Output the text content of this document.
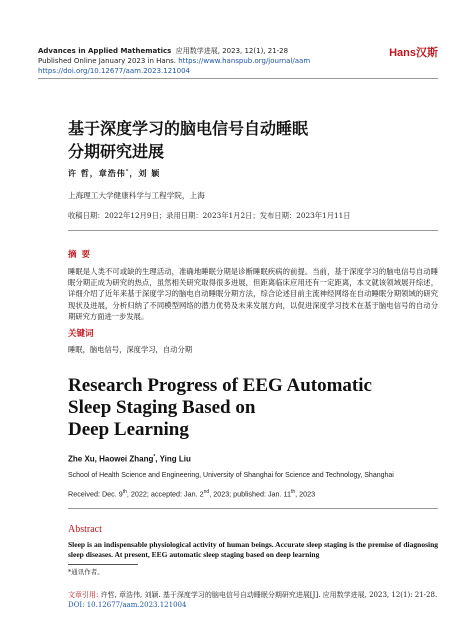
Advances in Applied Mathematics 应用数学进展, 2023, 12(1), 21-28
Published Online January 2023 in Hans. https://www.hanspub.org/journal/aam
https://doi.org/10.12677/aam.2023.121004
Hans汉斯
基于深度学习的脑电信号自动睡眠
分期研究进展
许 哲，章浩伟*，刘 颖
上海理工大学健康科学与工程学院，上海
收稿日期：2022年12月9日；录用日期：2023年1月2日；发布日期：2023年1月11日
摘 要
睡眠是人类不可或缺的生理活动，准确地睡眠分期是诊断睡眠疾病的前提。当前，基于深度学习的脑电信号自动睡眠分期正成为研究的热点，虽然相关研究取得很多进展，但距离临床应用还有一定距离，本文就该领域展开综述，详细介绍了近年来基于深度学习的脑电自动睡眠分期方法，综合论述目前主流神经网络在自动睡眠分期领域的研究现状及进展，分析归纳了不同模型网络的潜力优势及未来发展方向，以促进深度学习技术在基于脑电信号的自动分期研究方面进一步发展。
关键词
睡眠，脑电信号，深度学习，自动分期
Research Progress of EEG Automatic
Sleep Staging Based on
Deep Learning
Zhe Xu, Haowei Zhang*, Ying Liu
School of Health Science and Engineering, University of Shanghai for Science and Technology, Shanghai
Received: Dec. 9th, 2022; accepted: Jan. 2nd, 2023; published: Jan. 11th, 2023
Abstract
Sleep is an indispensable physiological activity of human beings. Accurate sleep staging is the premise of diagnosing sleep diseases. At present, EEG automatic sleep staging based on deep learning
*通讯作者。
文章引用: 许哲, 章浩伟, 刘颖. 基于深度学习的脑电信号自动睡眠分期研究进展[J]. 应用数学进展, 2023, 12(1): 21-28. DOI: 10.12677/aam.2023.121004
